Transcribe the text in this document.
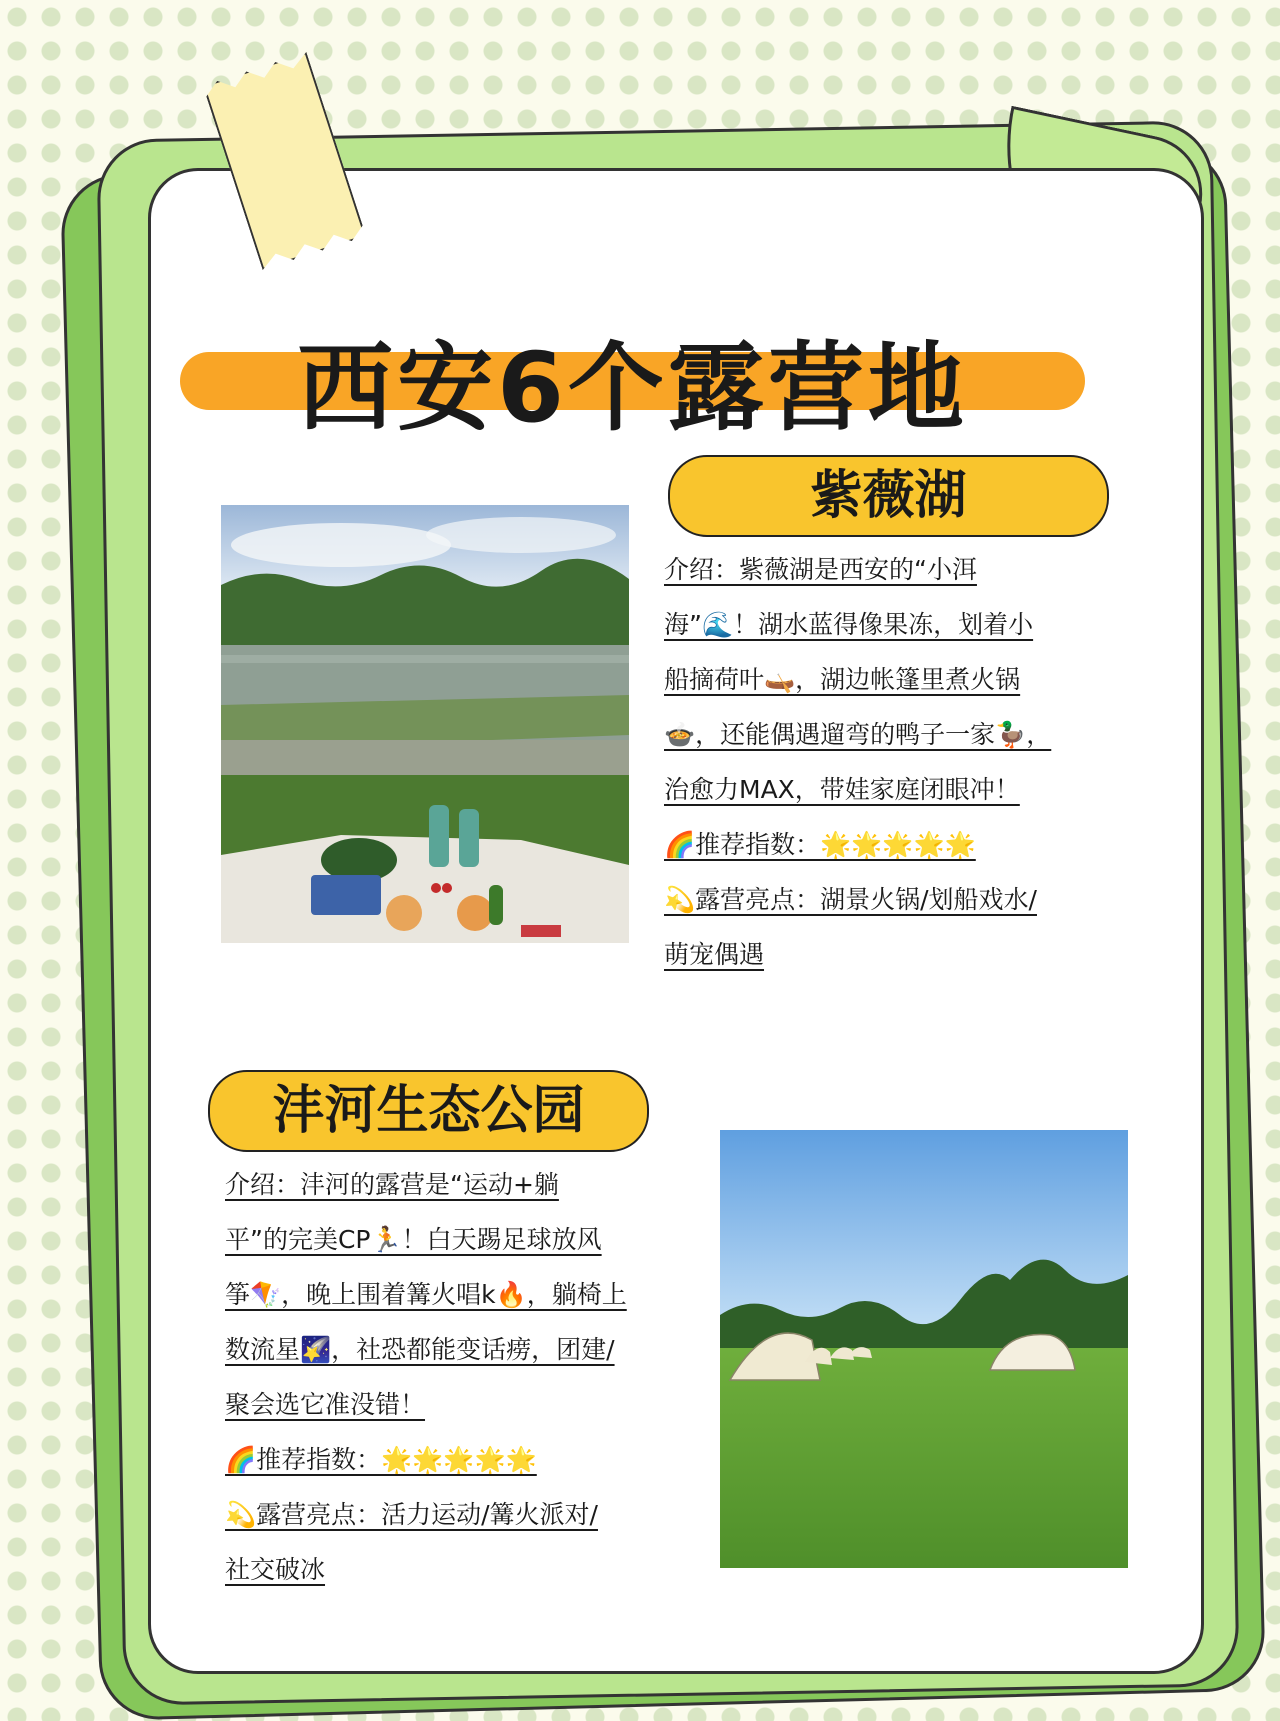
西安6个露营地
紫薇湖

介绍：紫薇湖是西安的“小洱

海”🌊！湖水蓝得像果冻，划着小

船摘荷叶🛶，湖边帐篷里煮火锅

🍲，还能偶遇遛弯的鸭子一家🦆，

治愈力MAX，带娃家庭闭眼冲！

🌈推荐指数：🌟🌟🌟🌟🌟

💫露营亮点：湖景火锅/划船戏水/

萌宠偶遇

沣河生态公园

介绍：沣河的露营是“运动+躺

平”的完美CP🏃！白天踢足球放风

筝🪁，晚上围着篝火唱k🔥，躺椅上

数流星🌠，社恐都能变话痨，团建/

聚会选它准没错！

🌈推荐指数：🌟🌟🌟🌟🌟

💫露营亮点：活力运动/篝火派对/

社交破冰
